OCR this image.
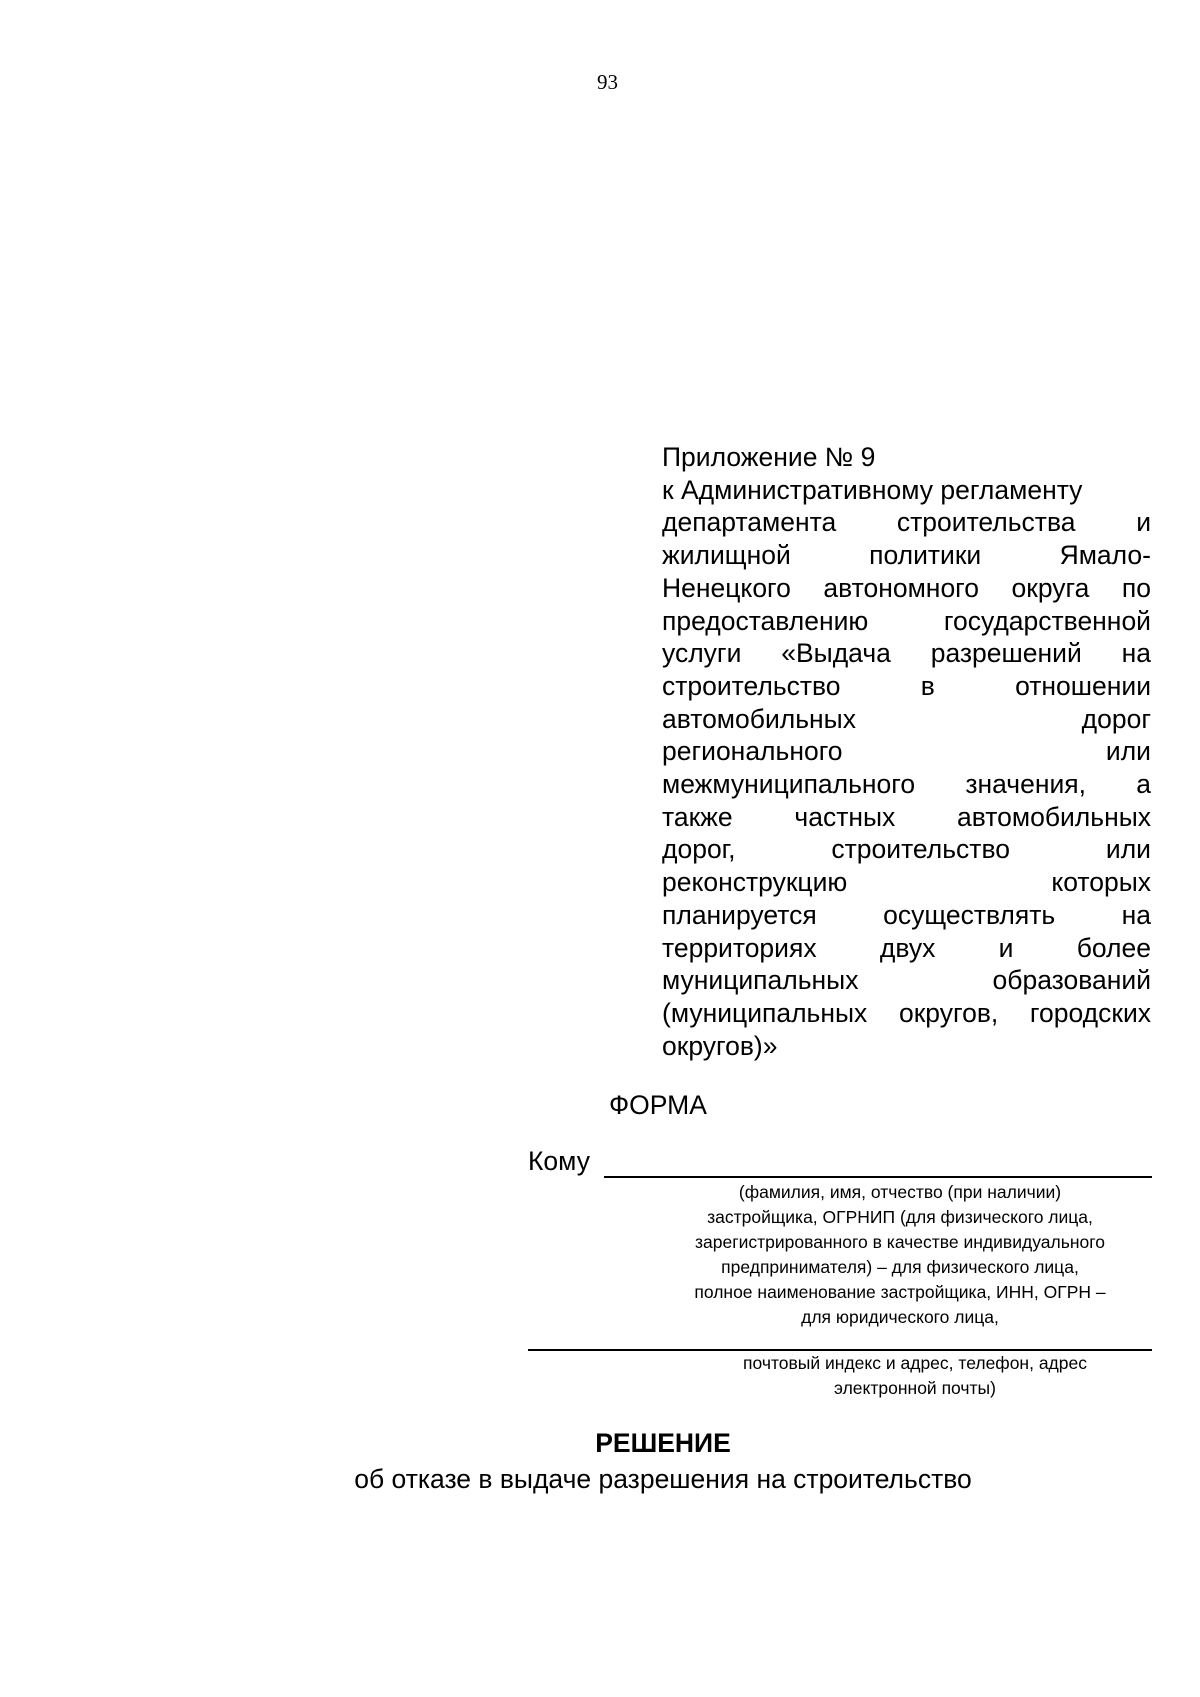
93
Приложение № 9
к Административному регламенту
департамента строительства и
жилищной	политики	Ямало-
Ненецкого автономного округа по
предоставлению	государственной
услуги «Выдача разрешений на
строительство	в	отношении
автомобильных	дорог
регионального	или
межмуниципального значения, а
также частных автомобильных
дорог,	строительство	или
реконструкцию	которых
планируется	осуществлять	на
территориях двух и более
муниципальных	образований
(муниципальных округов, городских
округов)»
ФОРМА
Кому
(фамилия, имя, отчество (при наличии)
застройщика, ОГРНИП (для физического лица,
зарегистрированного в качестве индивидуального
предпринимателя) – для физического лица,
полное наименование застройщика, ИНН, ОГРН –
для юридического лица,
почтовый индекс и адрес, телефон, адрес
электронной почты)
РЕШЕНИЕ
об отказе в выдаче разрешения на строительство
